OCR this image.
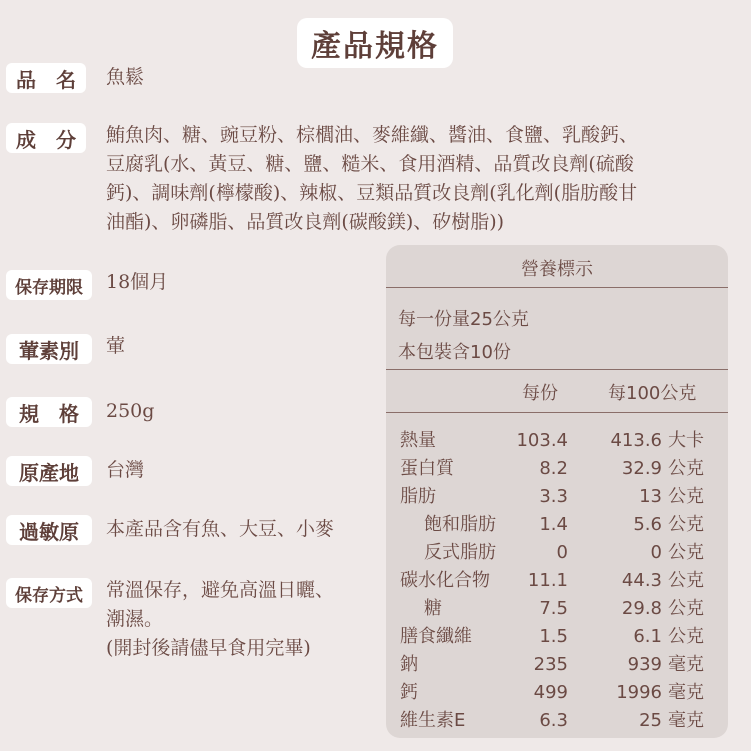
產品規格
品　名	魚鬆
成　分	鮪魚肉、糖、豌豆粉、棕櫚油、麥維纖、醬油、食鹽、乳酸鈣、
豆腐乳(水、黃豆、糖、鹽、糙米、食用酒精、品質改良劑(硫酸
鈣)、調味劑(檸檬酸)、辣椒、豆類品質改良劑(乳化劑(脂肪酸甘
油酯)、卵磷脂、品質改良劑(碳酸鎂)、矽樹脂))
保存期限	18個月
葷素別	葷
規　格	250g
原產地	台灣
過敏原	本產品含有魚、大豆、小麥
保存方式	常溫保存，避免高溫日曬、
潮濕。
(開封後請儘早食用完畢)
營養標示
每一份量25公克
本包裝含10份
每份	每100公克
熱量	103.4 413.6 大卡
蛋白質	8.2	32.9 公克
脂肪	3.3	13 公克
飽和脂肪 1.4	5.6 公克
反式脂肪	0	0 公克
碳水化合物 11.1	44.3 公克
糖	7.5	29.8 公克
膳食纖維	1.5	6.1 公克
鈉	235	939 毫克
鈣	499	1996 毫克
維生素E	6.3	25 毫克
